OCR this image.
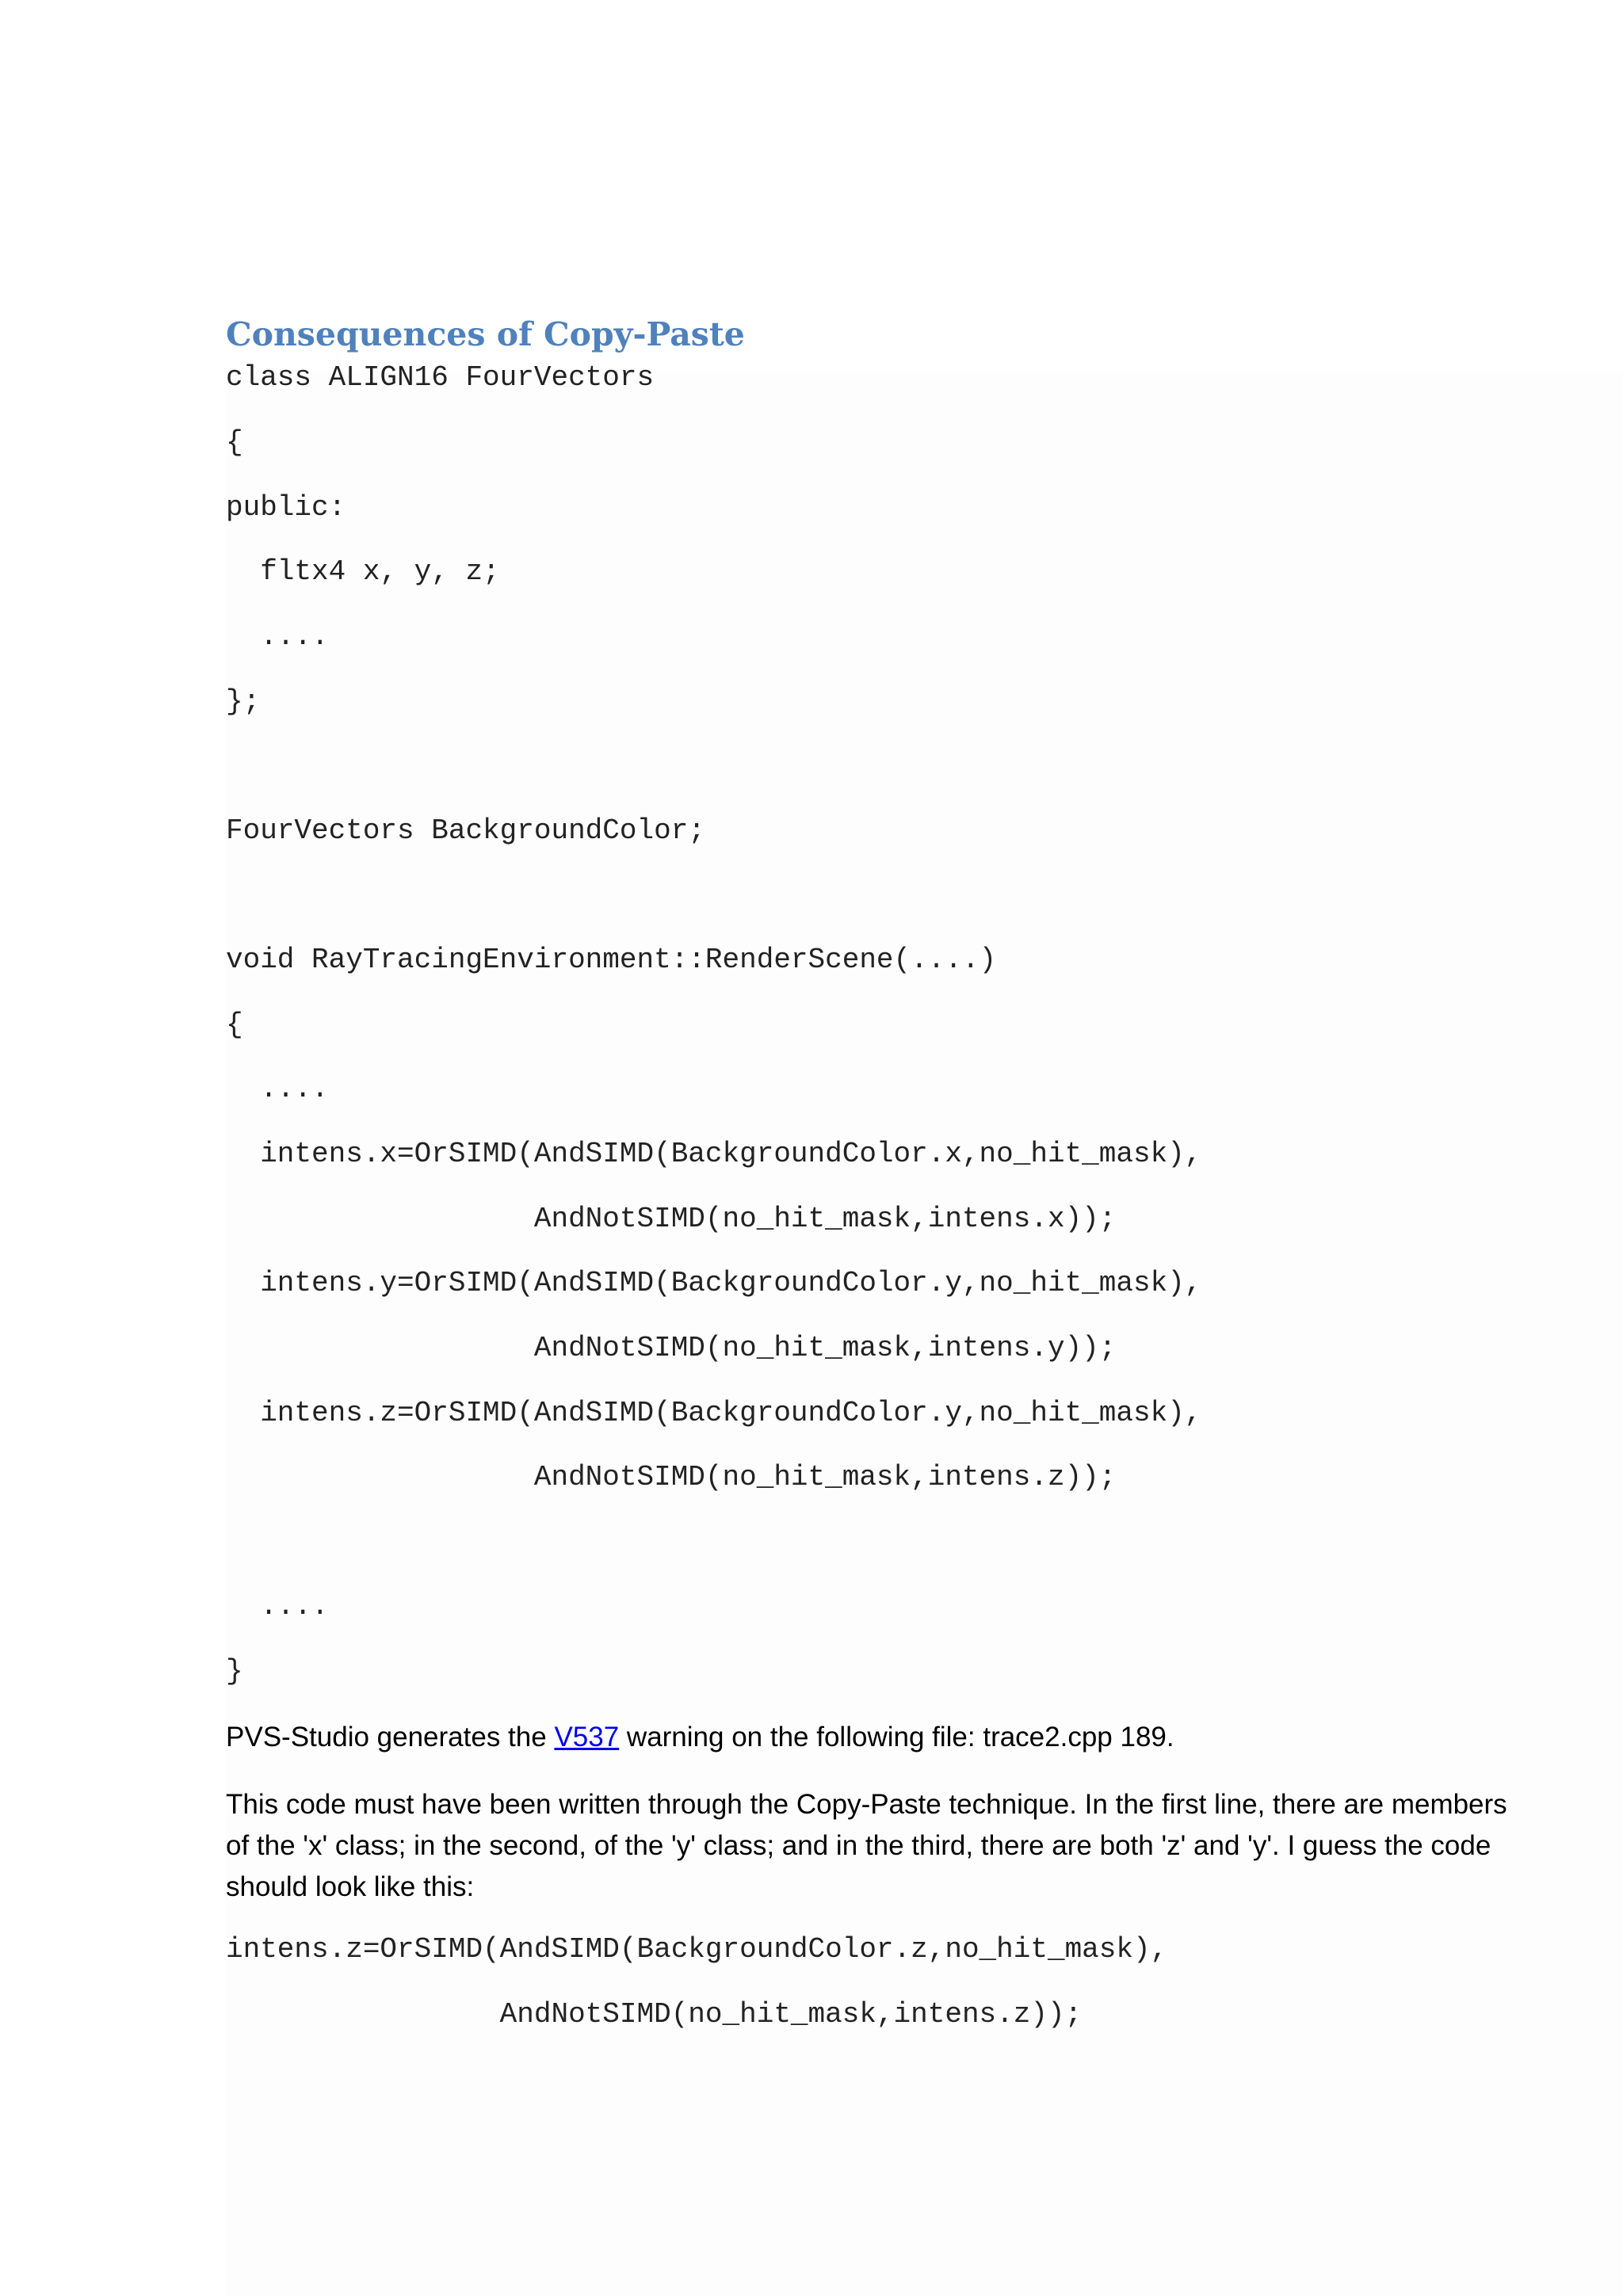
Consequences of Copy-Paste
class ALIGN16 FourVectors
{
public:
fltx4 x, y, z;
....
};
FourVectors BackgroundColor;
void RayTracingEnvironment::RenderScene(....)
{
....
intens.x=OrSIMD(AndSIMD(BackgroundColor.x,no_hit_mask),
AndNotSIMD(no_hit_mask,intens.x));
intens.y=OrSIMD(AndSIMD(BackgroundColor.y,no_hit_mask),
AndNotSIMD(no_hit_mask,intens.y));
intens.z=OrSIMD(AndSIMD(BackgroundColor.y,no_hit_mask),
AndNotSIMD(no_hit_mask,intens.z));
....
}

PVS-Studio generates the V537 warning on the following file: trace2.cpp 189.

This code must have been written through the Copy-Paste technique. In the first line, there are members of the 'x' class; in the second, of the 'y' class; and in the third, there are both 'z' and 'y'. I guess the code should look like this:

intens.z=OrSIMD(AndSIMD(BackgroundColor.z,no_hit_mask),
AndNotSIMD(no_hit_mask,intens.z));
